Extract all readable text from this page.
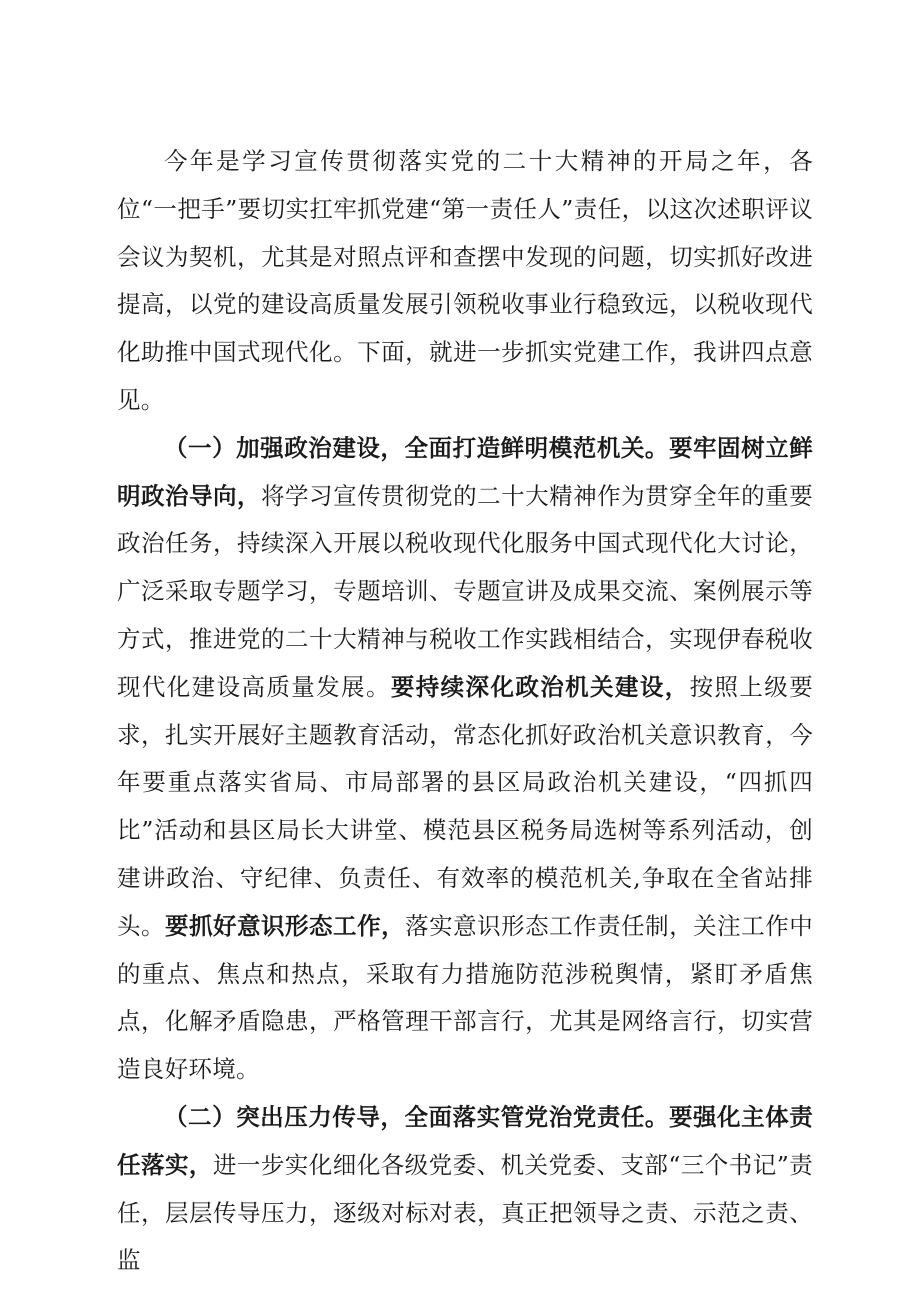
今年是学习宣传贯彻落实党的二十大精神的开局之年，各位“一把手”要切实扛牢抓党建“第一责任人”责任，以这次述职评议会议为契机，尤其是对照点评和查摆中发现的问题，切实抓好改进提高，以党的建设高质量发展引领税收事业行稳致远，以税收现代化助推中国式现代化。下面，就进一步抓实党建工作，我讲四点意见。

（一）加强政治建设，全面打造鲜明模范机关。要牢固树立鲜明政治导向，将学习宣传贯彻党的二十大精神作为贯穿全年的重要政治任务，持续深入开展以税收现代化服务中国式现代化大讨论，广泛采取专题学习，专题培训、专题宣讲及成果交流、案例展示等方式，推进党的二十大精神与税收工作实践相结合，实现伊春税收现代化建设高质量发展。要持续深化政治机关建设，按照上级要求，扎实开展好主题教育活动，常态化抓好政治机关意识教育，今年要重点落实省局、市局部署的县区局政治机关建设，“四抓四比”活动和县区局长大讲堂、模范县区税务局选树等系列活动，创建讲政治、守纪律、负责任、有效率的模范机关,争取在全省站排头。要抓好意识形态工作，落实意识形态工作责任制，关注工作中的重点、焦点和热点，采取有力措施防范涉税舆情，紧盯矛盾焦点，化解矛盾隐患，严格管理干部言行，尤其是网络言行，切实营造良好环境。

（二）突出压力传导，全面落实管党治党责任。要强化主体责任落实，进一步实化细化各级党委、机关党委、支部“三个书记”责任，层层传导压力，逐级对标对表，真正把领导之责、示范之责、监
